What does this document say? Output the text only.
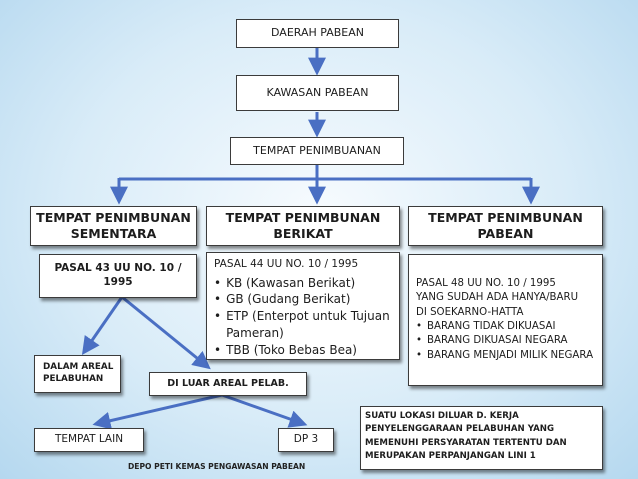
DAERAH PABEAN
KAWASAN PABEAN
TEMPAT PENIMBUANAN
TEMPAT PENIMBUNAN SEMENTARA
TEMPAT PENIMBUNAN BERIKAT
TEMPAT PENIMBUNAN PABEAN
PASAL 43 UU NO. 10 / 1995
PASAL 44 UU NO. 10 / 1995
• KB (Kawasan Berikat)
• GB (Gudang Berikat)
• ETP (Enterpot untuk Tujuan Pameran)
• TBB (Toko Bebas Bea)
PASAL 48 UU NO. 10 / 1995
YANG SUDAH ADA HANYA/BARU
DI SOEKARNO-HATTA
• BARANG TIDAK DIKUASAI
• BARANG DIKUASAI NEGARA
• BARANG MENJADI MILIK NEGARA
DALAM AREAL PELABUHAN	DI LUAR AREAL PELAB.
TEMPAT LAIN	DP 3
SUATU LOKASI DILUAR D. KERJA
PENYELENGGARAAN PELABUHAN YANG
MEMENUHI PERSYARATAN TERTENTU DAN
MERUPAKAN PERPANJANGAN LINI 1
DEPO PETI KEMAS PENGAWASAN PABEAN
